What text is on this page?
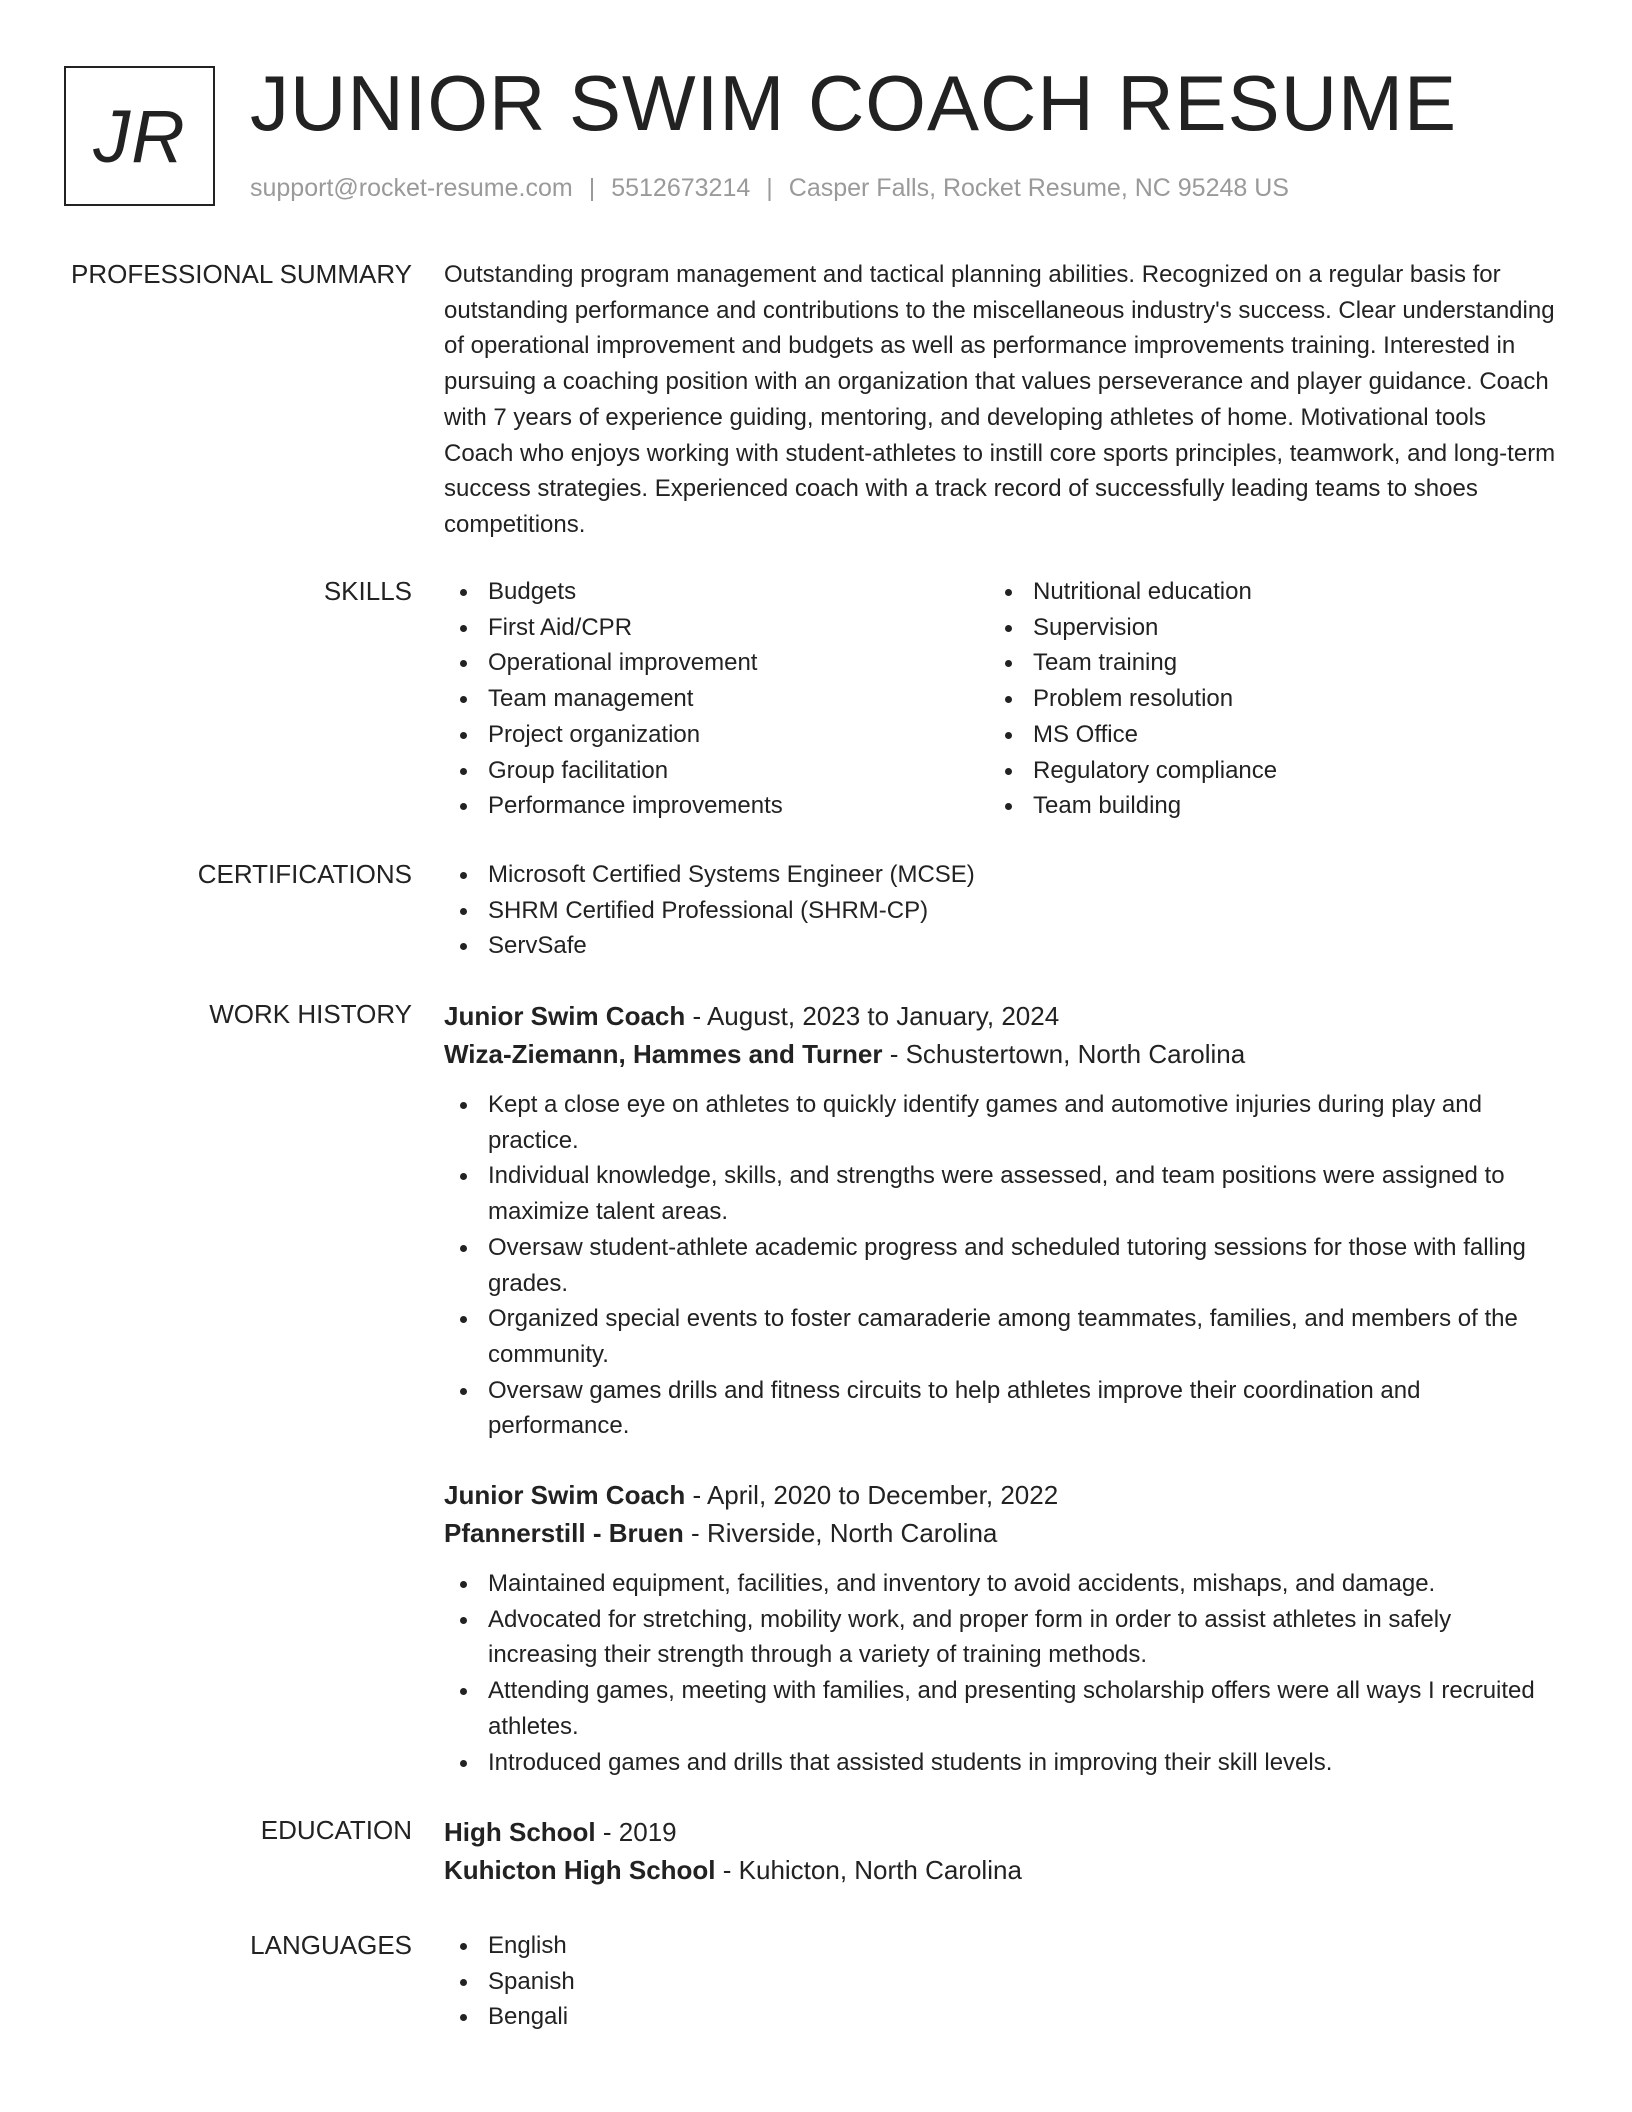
JR JUNIOR SWIM COACH RESUME
support@rocket-resume.com | 5512673214 | Casper Falls, Rocket Resume, NC 95248 US
PROFESSIONAL SUMMARY Outstanding program management and tactical planning abilities. Recognized on a regular basis for outstanding performance and contributions to the miscellaneous industry's success. Clear understanding of operational improvement and budgets as well as performance improvements training. Interested in pursuing a coaching position with an organization that values perseverance and player guidance. Coach with 7 years of experience guiding, mentoring, and developing athletes of home. Motivational tools Coach who enjoys working with student-athletes to instill core sports principles, teamwork, and long-term success strategies. Experienced coach with a track record of successfully leading teams to shoes competitions.

SKILLS	Budgets
First Aid/CPR
Operational improvement
Team management
Project organization
Group facilitation
Performance improvements
Nutritional education
Supervision
Team training
Problem resolution
MS Office
Regulatory compliance
Team building
CERTIFICATIONS	Microsoft Certified Systems Engineer (MCSE)
SHRM Certified Professional (SHRM-CP)
ServSafe
WORK HISTORY Junior Swim Coach - August, 2023 to January, 2024
Wiza-Ziemann, Hammes and Turner - Schustertown, North Carolina
Kept a close eye on athletes to quickly identify games and automotive injuries during play and practice.
Individual knowledge, skills, and strengths were assessed, and team positions were assigned to maximize talent areas.
Oversaw student-athlete academic progress and scheduled tutoring sessions for those with falling grades.
Organized special events to foster camaraderie among teammates, families, and members of the community.
Oversaw games drills and fitness circuits to help athletes improve their coordination and performance.
Junior Swim Coach - April, 2020 to December, 2022
Pfannerstill - Bruen - Riverside, North Carolina
Maintained equipment, facilities, and inventory to avoid accidents, mishaps, and damage.
Advocated for stretching, mobility work, and proper form in order to assist athletes in safely increasing their strength through a variety of training methods.
Attending games, meeting with families, and presenting scholarship offers were all ways I recruited athletes.
Introduced games and drills that assisted students in improving their skill levels.
EDUCATION High School - 2019
Kuhicton High School - Kuhicton, North Carolina
LANGUAGES	English
Spanish
Bengali
